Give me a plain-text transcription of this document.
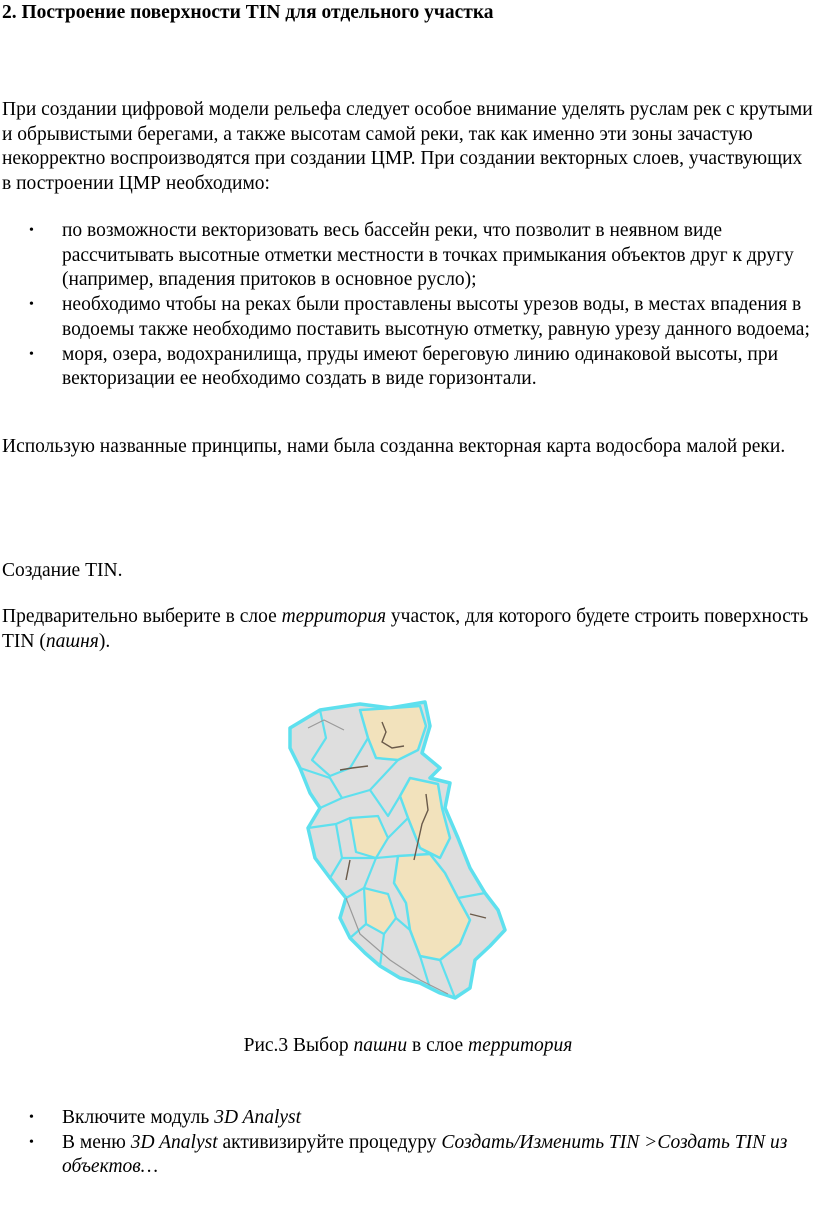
2. Построение поверхности TIN для отдельного участка

При создании цифровой модели рельефа следует особое внимание уделять руслам рек с крутыми и обрывистыми берегами, а также высотам самой реки, так как именно эти зоны зачастую некорректно воспроизводятся при создании ЦМР. При создании векторных слоев, участвующих в построении ЦМР необходимо:

• по возможности векторизовать весь бассейн реки, что позволит в неявном виде рассчитывать высотные отметки местности в точках примыкания объектов друг к другу (например, впадения притоков в основное русло);
• необходимо чтобы на реках были проставлены высоты урезов воды, в местах впадения в водоемы также необходимо поставить высотную отметку, равную урезу данного водоема;
• моря, озера, водохранилища, пруды имеют береговую линию одинаковой высоты, при векторизации ее необходимо создать в виде горизонтали.

Использую названные принципы, нами была созданна векторная карта водосбора малой реки.

Создание TIN.

Предварительно выберите в слое территория участок, для которого будете строить поверхность TIN (пашня).

Рис.3 Выбор пашни в слое территория
• Включите модуль 3D Analyst
• В меню 3D Analyst активизируйте процедуру Создать/Изменить TIN >Создать TIN из объектов…
